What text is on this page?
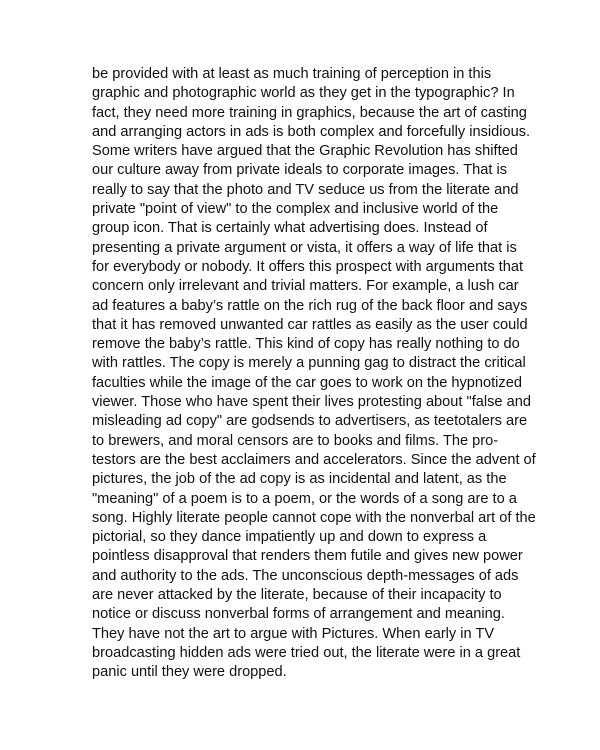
be provided with at least as much training of perception in this
graphic and photographic world as they get in the typographic? In
fact, they need more training in graphics, because the art of casting
and arranging actors in ads is both complex and forcefully insidious.
Some writers have argued that the Graphic Revolution has shifted
our culture away from private ideals to corporate images. That is
really to say that the photo and TV seduce us from the literate and
private "point of view" to the complex and inclusive world of the
group icon. That is certainly what advertising does. Instead of
presenting a private argument or vista, it offers a way of life that is
for everybody or nobody. It offers this prospect with arguments that
concern only irrelevant and trivial matters. For example, a lush car
ad features a baby’s rattle on the rich rug of the back floor and says
that it has removed unwanted car rattles as easily as the user could
remove the baby’s rattle. This kind of copy has really nothing to do
with rattles. The copy is merely a punning gag to distract the critical
faculties while the image of the car goes to work on the hypnotized
viewer. Those who have spent their lives protesting about "false and
misleading ad copy" are godsends to advertisers, as teetotalers are
to brewers, and moral censors are to books and films. The pro-
testors are the best acclaimers and accelerators. Since the advent of
pictures, the job of the ad copy is as incidental and latent, as the
"meaning" of a poem is to a poem, or the words of a song are to a
song. Highly literate people cannot cope with the nonverbal art of the
pictorial, so they dance impatiently up and down to express a
pointless disapproval that renders them futile and gives new power
and authority to the ads. The unconscious depth-messages of ads
are never attacked by the literate, because of their incapacity to
notice or discuss nonverbal forms of arrangement and meaning.
They have not the art to argue with Pictures. When early in TV
broadcasting hidden ads were tried out, the literate were in a great
panic until they were dropped.
